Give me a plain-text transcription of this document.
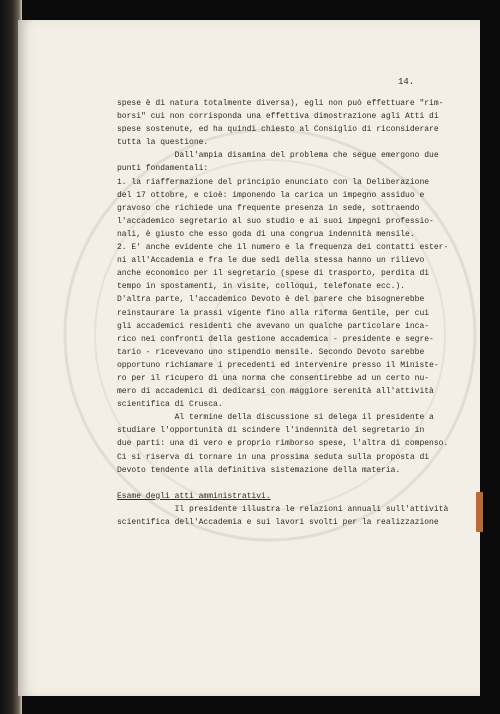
14.
spese è di natura totalmente diversa), egli non può effettuare "rim-
borsi" cui non corrisponda una effettiva dimostrazione agli Atti di
spese sostenute, ed ha quindi chiesto al Consiglio di riconsiderare
tutta la questione.
Dall'ampia disamina del problema che segue emergono due
punti fondamentali:
1. la riaffermazione del principio enunciato con la Deliberazione
del 17 ottobre, e cioè: imponendo la carica un impegno assiduo e
gravoso che richiede una frequente presenza in sede, sottraendo
l'accademico segretario al suo studio e ai suoi impegni professio-
nali, è giusto che esso goda di una congrua indennità mensile.
2. E' anche evidente che il numero e la frequenza dei contatti ester-
ni all'Accademia e fra le due sedi della stessa hanno un rilievo
anche economico per il segretario (spese di trasporto, perdita di
tempo in spostamenti, in visite, colloqui, telefonate ecc.).
D'altra parte, l'accademico Devoto è del parere che bisognerebbe
reinstaurare la prassi vigente fino alla riforma Gentile, per cui
gli accademici residenti che avevano un qualche particolare inca-
rico nei confronti della gestione accademica - presidente e segre-
tario - ricevevano uno stipendio mensile. Secondo Devoto sarebbe
opportuno richiamare i precedenti ed intervenire presso il Ministe-
ro per il ricupero di una norma che consentirebbe ad un certo nu-
mero di accademici di dedicarsi con maggiore serenità all'attività
scientifica di Crusca.
Al termine della discussione si delega il presidente a
studiare l'opportunità di scindere l'indennità del segretario in
due parti: una di vero e proprio rimborso spese, l'altra di compenso.
Ci si riserva di tornare in una prossima seduta sulla proposta di
Devoto tendente alla definitiva sistemazione della materia.
Esame degli atti amministrativi.
Il presidente illustra le relazioni annuali sull'attività
scientifica dell'Accademia e sui lavori svolti per la realizzazione
